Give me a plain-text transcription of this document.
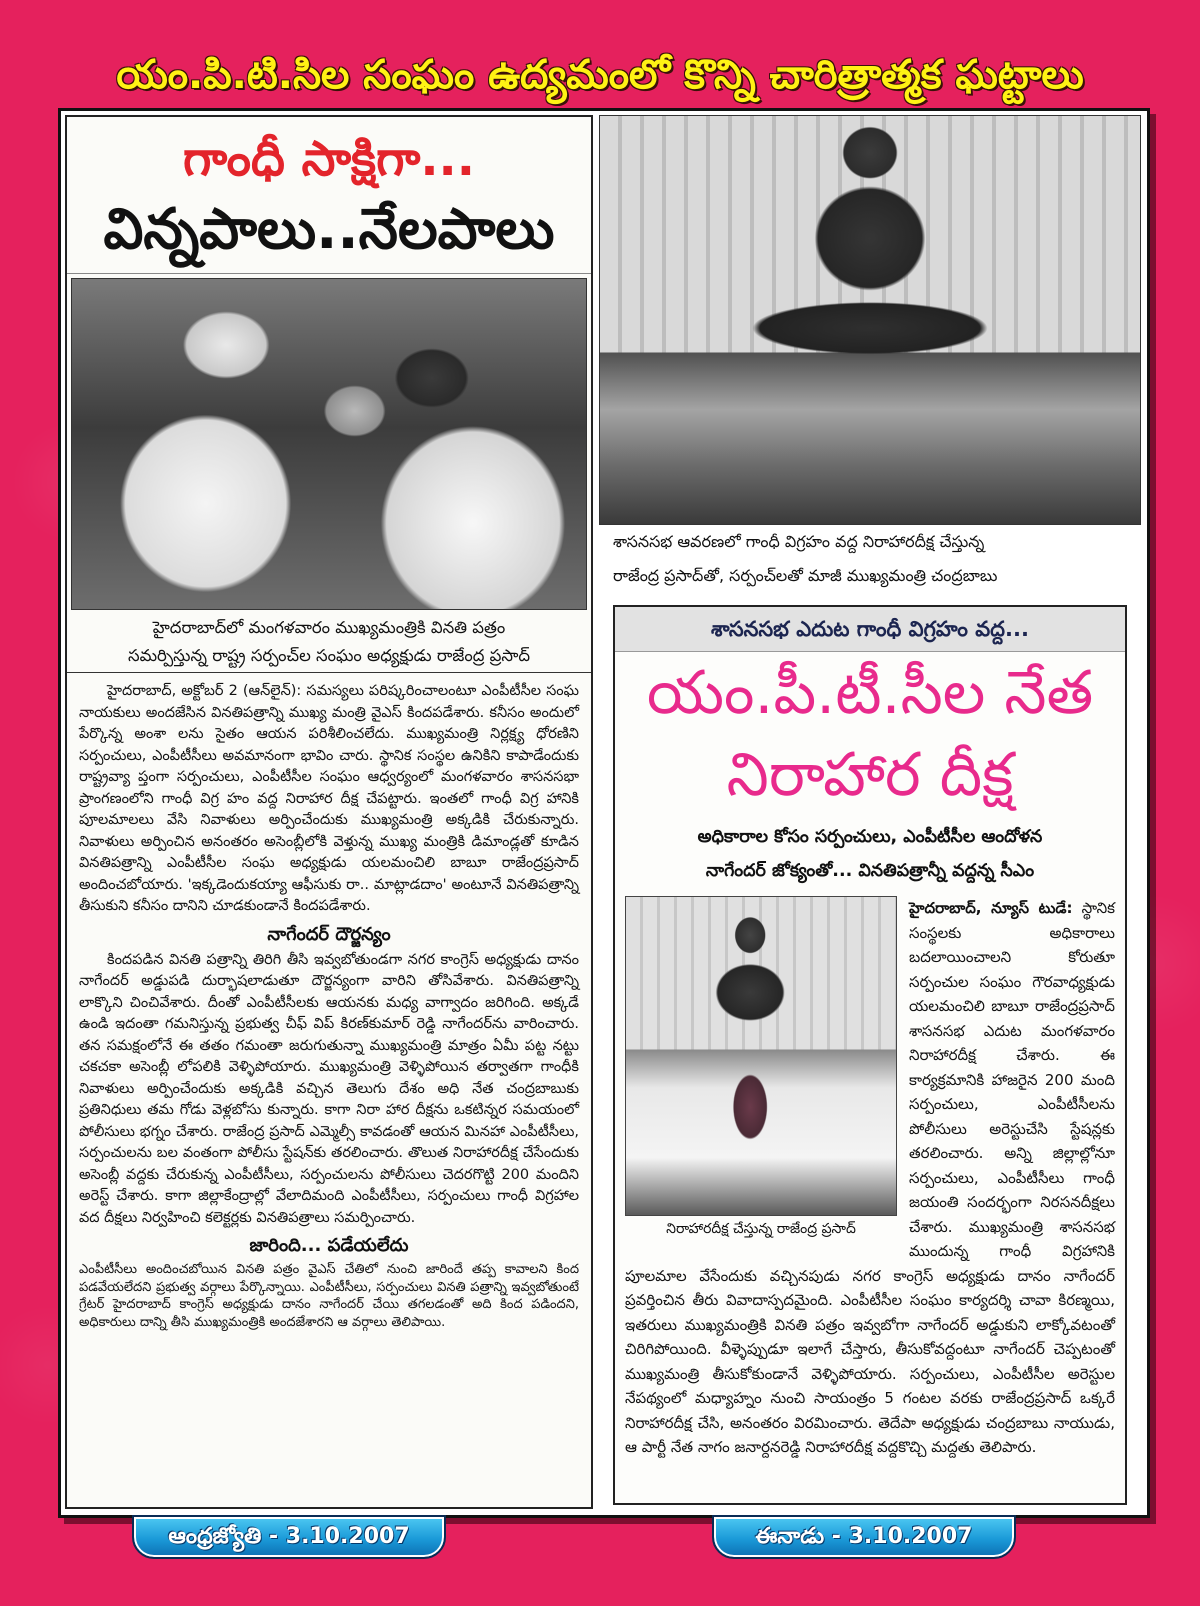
యం.పి.టి.సిల సంఘం ఉద్యమంలో కొన్ని చారిత్రాత్మక ఘట్టాలు
గాంధీ సాక్షిగా...
విన్నపాలు..నేలపాలు
హైదరాబాద్‌లో మంగళవారం ముఖ్యమంత్రికి వినతి పత్రం
సమర్పిస్తున్న రాష్ట్ర సర్పంచ్‌ల సంఘం అధ్యక్షుడు రాజేంద్ర ప్రసాద్

హైదరాబాద్, అక్టోబర్ 2 (ఆన్‌లైన్): సమస్యలు పరిష్కరించాలంటూ ఎంపీటీసీల సంఘ నాయకులు అందజేసిన వినతిపత్రాన్ని ముఖ్య మంత్రి వైఎస్ కిందపడేశారు. కనీసం అందులో పేర్కొన్న అంశా లను సైతం ఆయన పరిశీలించలేదు. ముఖ్యమంత్రి నిర్లక్ష్య ధోరణిని సర్పంచులు, ఎంపీటీసీలు అవమానంగా భావిం చారు. స్థానిక సంస్థల ఉనికిని కాపాడేందుకు రాష్ట్రవ్యా ప్తంగా సర్పంచులు, ఎంపీటీసీల సంఘం ఆధ్వర్యంలో మంగళవారం శాసనసభా ప్రాంగణంలోని గాంధీ విగ్ర హం వద్ద నిరాహార దీక్ష చేపట్టారు. ఇంతలో గాంధీ విగ్ర హానికి పూలమాలలు వేసి నివాళులు అర్పించేందుకు ముఖ్యమంత్రి అక్కడికి చేరుకున్నారు. నివాళులు అర్పించిన అనంతరం అసెంబ్లీలోకి వెళ్తున్న ముఖ్య మంత్రికి డిమాండ్లతో కూడిన వినతిపత్రాన్ని ఎంపీటీసీల సంఘ అధ్యక్షుడు యలమంచిలి బాబూ రాజేంద్రప్రసాద్ అందించబోయారు. 'ఇక్కడెందుకయ్యా ఆఫీసుకు రా.. మాట్లాడదాం' అంటూనే వినతిపత్రాన్ని తీసుకుని కనీసం దానిని చూడకుండానే కిందపడేశారు.

నాగేందర్ దౌర్జన్యం

కిందపడిన వినతి పత్రాన్ని తిరిగి తీసి ఇవ్వబోతుండగా నగర కాంగ్రెస్ అధ్యక్షుడు దానం నాగేందర్ అడ్డుపడి దుర్భాషలాడుతూ దౌర్జన్యంగా వారిని తోసివేశారు. వినతిపత్రాన్ని లాక్కొని చించివేశారు. దీంతో ఎంపీటీసీలకు ఆయనకు మధ్య వాగ్వాదం జరిగింది. అక్కడే ఉండి ఇదంతా గమనిస్తున్న ప్రభుత్వ చీఫ్ విప్ కిరణ్‌కుమార్ రెడ్డి నాగేందర్‌ను వారించారు. తన సమక్షంలోనే ఈ తతం గమంతా జరుగుతున్నా ముఖ్యమంత్రి మాత్రం ఏమీ పట్ట నట్టు చకచకా అసెంబ్లీ లోపలికి వెళ్ళిపోయారు. ముఖ్యమంత్రి వెళ్ళిపోయిన తర్వాతగా గాంధీకి నివాళులు అర్పించేందుకు అక్కడికి వచ్చిన తెలుగు దేశం అధి నేత చంద్రబాబుకు ప్రతినిధులు తమ గోడు వెళ్లబోసు కున్నారు. కాగా నిరా హార దీక్షను ఒకటిన్నర సమయంలో పోలీసులు భగ్నం చేశారు. రాజేంద్ర ప్రసాద్ ఎమ్మెల్సీ కావడంతో ఆయన మినహా ఎంపీటీసీలు, సర్పంచులను బల వంతంగా పోలీసు స్టేషన్‌కు తరలించారు. తొలుత నిరాహారదీక్ష చేసేందుకు అసెంబ్లీ వద్దకు చేరుకున్న ఎంపీటీసీలు, సర్పంచులను పోలీసులు చెదరగొట్టి 200 మందిని అరెస్ట్ చేశారు. కాగా జిల్లాకేంద్రాల్లో వేలాదిమంది ఎంపీటీసీలు, సర్పంచులు గాంధీ విగ్రహాల వద దీక్షలు నిర్వహించి కలెక్టర్లకు వినతిపత్రాలు సమర్పించారు.

జారింది... పడేయలేదు

ఎంపీటీసీలు అందించబోయిన వినతి పత్రం వైఎస్ చేతిలో నుంచి జారిందే తప్ప కావాలని కింద పడవేయలేదని ప్రభుత్వ వర్గాలు పేర్కొన్నాయి. ఎంపీటీసీలు, సర్పంచులు వినతి పత్రాన్ని ఇవ్వబోతుంటే గ్రేటర్ హైదరాబాద్ కాంగ్రెస్ అధ్యక్షుడు దానం నాగేందర్ చేయి తగలడంతో అది కింద పడిందని, అధికారులు దాన్ని తీసి ముఖ్యమంత్రికి అందజేశారని ఆ వర్గాలు తెలిపాయి.

శాసనసభ ఆవరణలో గాంధీ విగ్రహం వద్ద నిరాహారదీక్ష చేస్తున్న
రాజేంద్ర ప్రసాద్‌తో, సర్పంచ్‌లతో మాజీ ముఖ్యమంత్రి చంద్రబాబు
శాసనసభ ఎదుట గాంధీ విగ్రహం వద్ద...
యం.పీ.టీ.సీల నేత
నిరాహార దీక్ష
అధికారాల కోసం సర్పంచులు, ఎంపీటీసీల ఆందోళన
నాగేందర్ జోక్యంతో... వినతిపత్రాన్నీ వద్దన్న సీఎం
నిరాహారదీక్ష చేస్తున్న రాజేంద్ర ప్రసాద్

హైదరాబాద్, న్యూస్ టుడే: స్థానిక సంస్థలకు అధికారాలు బదలాయించాలని కోరుతూ సర్పంచుల సంఘం గౌరవాధ్యక్షుడు యలమంచిలి బాబూ రాజేంద్రప్రసాద్ శాసనసభ ఎదుట మంగళవారం నిరాహారదీక్ష చేశారు. ఈ కార్యక్రమానికి హాజరైన 200 మంది సర్పంచులు, ఎంపీటీసీలను పోలీసులు అరెస్టుచేసి స్టేషన్లకు తరలించారు. అన్ని జిల్లాల్లోనూ సర్పంచులు, ఎంపీటీసీలు గాంధీ జయంతి సందర్భంగా నిరసనదీక్షలు చేశారు. ముఖ్యమంత్రి శాసనసభ ముందున్న గాంధీ విగ్రహానికి పూలమాల వేసేందుకు వచ్చినపుడు నగర కాంగ్రెస్ అధ్యక్షుడు దానం నాగేందర్ ప్రవర్తించిన తీరు వివాదాస్పదమైంది. ఎంపీటీసీల సంఘం కార్యదర్శి చావా కిరణ్మయి, ఇతరులు ముఖ్యమంత్రికి వినతి పత్రం ఇవ్వబోగా నాగేందర్ అడ్డుకుని లాక్కోవటంతో చిరిగిపోయింది. వీళ్ళెప్పుడూ ఇలాగే చేస్తారు, తీసుకోవద్దంటూ నాగేందర్ చెప్పటంతో ముఖ్యమంత్రి తీసుకోకుండానే వెళ్ళిపోయారు. సర్పంచులు, ఎంపీటీసీల అరెస్టుల నేపథ్యంలో మధ్యాహ్నం నుంచి సాయంత్రం 5 గంటల వరకు రాజేంద్రప్రసాద్ ఒక్కరే నిరాహారదీక్ష చేసి, అనంతరం విరమించారు. తెదేపా అధ్యక్షుడు చంద్రబాబు నాయుడు, ఆ పార్టీ నేత నాగం జనార్దనరెడ్డి నిరాహారదీక్ష వద్దకొచ్చి మద్దతు తెలిపారు.

ఆంధ్రజ్యోతి - 3.10.2007	ఈనాడు - 3.10.2007
